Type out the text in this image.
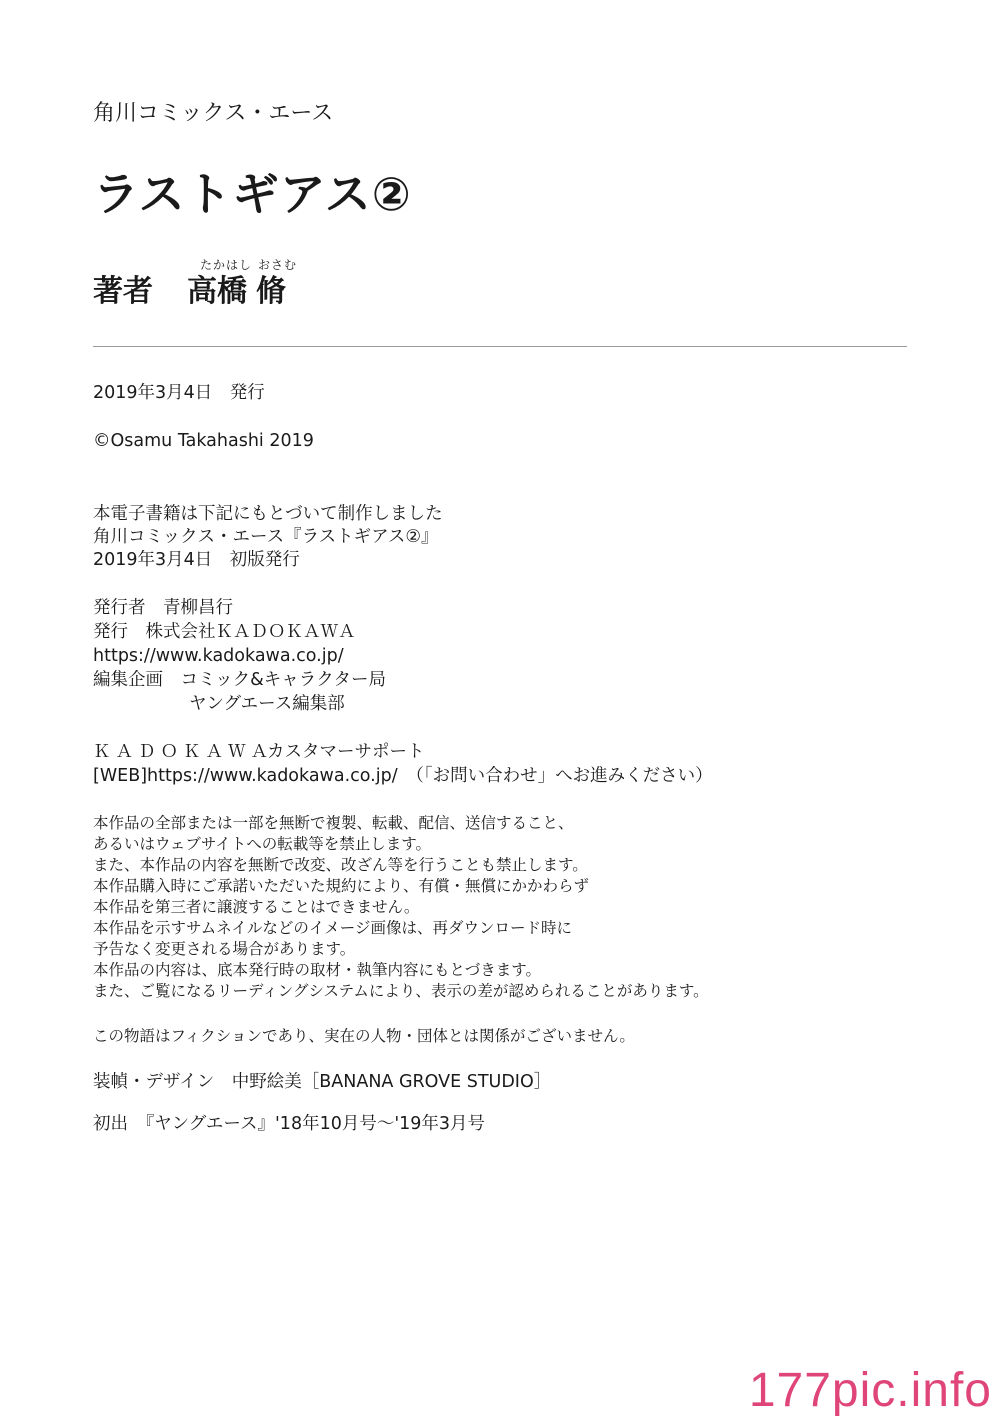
角川コミックス・エース
ラストギアス②
たかはし おさむ
著者 高橋 脩
2019年3月4日　発行
©Osamu Takahashi 2019
本電子書籍は下記にもとづいて制作しました
角川コミックス・エース『ラストギアス②』
2019年3月4日　初版発行
発行者　青柳昌行
発行　株式会社ＫＡＤＯＫＡＷＡ
https://www.kadokawa.co.jp/
編集企画　コミック&キャラクター局
ヤングエース編集部
ＫＡＤＯＫＡＷＡ
カスタマーサポート
[WEB]https://www.kadokawa.co.jp/　（「お問い合わせ」へお進みください）
本作品の全部または一部を無断で複製、転載、配信、送信すること、
あるいはウェブサイトへの転載等を禁止します。
また、本作品の内容を無断で改変、改ざん等を行うことも禁止します。
本作品購入時にご承諾いただいた規約により、有償・無償にかかわらず
本作品を第三者に譲渡することはできません。
本作品を示すサムネイルなどのイメージ画像は、再ダウンロード時に
予告なく変更される場合があります。
本作品の内容は、底本発行時の取材・執筆内容にもとづきます。
また、ご覧になるリーディングシステムにより、表示の差が認められることがあります。
この物語はフィクションであり、実在の人物・団体とは関係がございません。
装幀・デザイン　中野絵美［BANANA GROVE STUDIO］
初出　『ヤングエース』'18年10月号～'19年3月号
177pic.info
